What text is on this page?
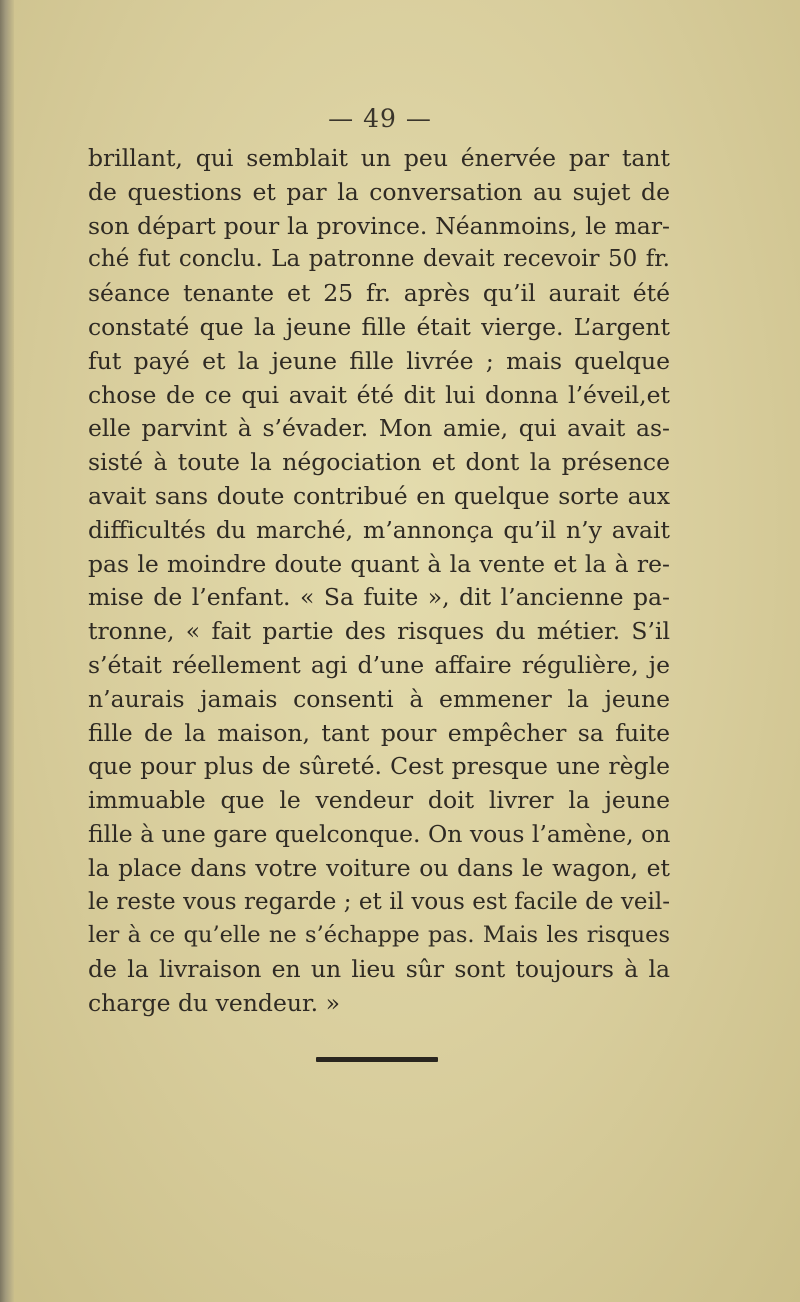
— 49 —
brillant, qui semblait un peu énervée par tant
de questions et par la conversation au sujet de
son départ pour la province. Néanmoins, le mar-
ché fut conclu. La patronne devait recevoir 50 fr.
séance tenante et 25 fr. après qu’il aurait été
constaté que la jeune fille était vierge. L’argent
fut payé et la jeune fille livrée ; mais quelque
chose de ce qui avait été dit lui donna l’éveil,et
elle parvint à s’évader. Mon amie, qui avait as-
sisté à toute la négociation et dont la présence
avait sans doute contribué en quelque sorte aux
difficultés du marché, m’annonça qu’il n’y avait
pas le moindre doute quant à la vente et la à re-
mise de l’enfant. « Sa fuite », dit l’ancienne pa-
tronne, « fait partie des risques du métier. S’il
s’était réellement agi d’une affaire régulière, je
n’aurais jamais consenti à emmener la jeune
fille de la maison, tant pour empêcher sa fuite
que pour plus de sûreté. Cest presque une règle
immuable que le vendeur doit livrer la jeune
fille à une gare quelconque. On vous l’amène, on
la place dans votre voiture ou dans le wagon, et
le reste vous regarde ; et il vous est facile de veil-
ler à ce qu’elle ne s’échappe pas. Mais les risques
de la livraison en un lieu sûr sont toujours à la
charge du vendeur. »
